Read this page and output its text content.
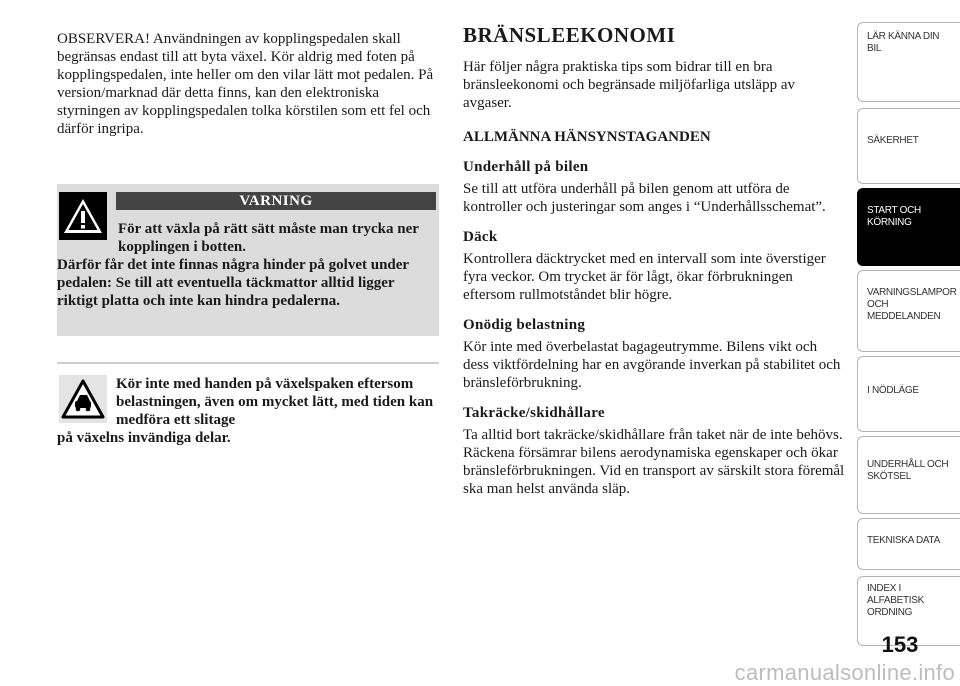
OBSERVERA! Användningen av kopplingspedalen skall begränsas endast till att byta växel. Kör aldrig med foten på kopplingspedalen, inte heller om den vilar lätt mot pedalen. På version/marknad där detta finns, kan den elektroniska styrningen av kopplingspedalen tolka körstilen som ett fel och därför ingripa.

VARNING
För att växla på rätt sätt måste man trycka ner kopplingen i botten.
Därför får det inte finnas några hinder på golvet under pedalen: Se till att eventuella täckmattor alltid ligger riktigt platta och inte kan hindra pedalerna.
Kör inte med handen på växelspaken eftersom belastningen, även om mycket lätt, med tiden kan medföra ett slitage
på växelns invändiga delar.
BRÄNSLEEKONOMI

Här följer några praktiska tips som bidrar till en bra bränsleekonomi och begränsade miljöfarliga utsläpp av avgaser.

ALLMÄNNA HÄNSYNSTAGANDEN
Underhåll på bilen

Se till att utföra underhåll på bilen genom att utföra de kontroller och justeringar som anges i “Underhållsschemat”.

Däck

Kontrollera däcktrycket med en intervall som inte överstiger fyra veckor. Om trycket är för lågt, ökar förbrukningen eftersom rullmotståndet blir högre.

Onödig belastning

Kör inte med överbelastat bagageutrymme. Bilens vikt och dess viktfördelning har en avgörande inverkan på stabilitet och bränsleförbrukning.

Takräcke/skidhållare

Ta alltid bort takräcke/skidhållare från taket när de inte behövs. Räckena försämrar bilens aerodynamiska egenskaper och ökar bränsleförbrukningen. Vid en transport av särskilt stora föremål ska man helst använda släp.

LÄR KÄNNA DIN
BIL
SÄKERHET
START OCH
KÖRNING
VARNINGSLAMPOR
OCH
MEDDELANDEN
I NÖDLÄGE
UNDERHÅLL OCH
SKÖTSEL
TEKNISKA DATA
INDEX I
ALFABETISK
ORDNING
153
carmanualsonline.info
